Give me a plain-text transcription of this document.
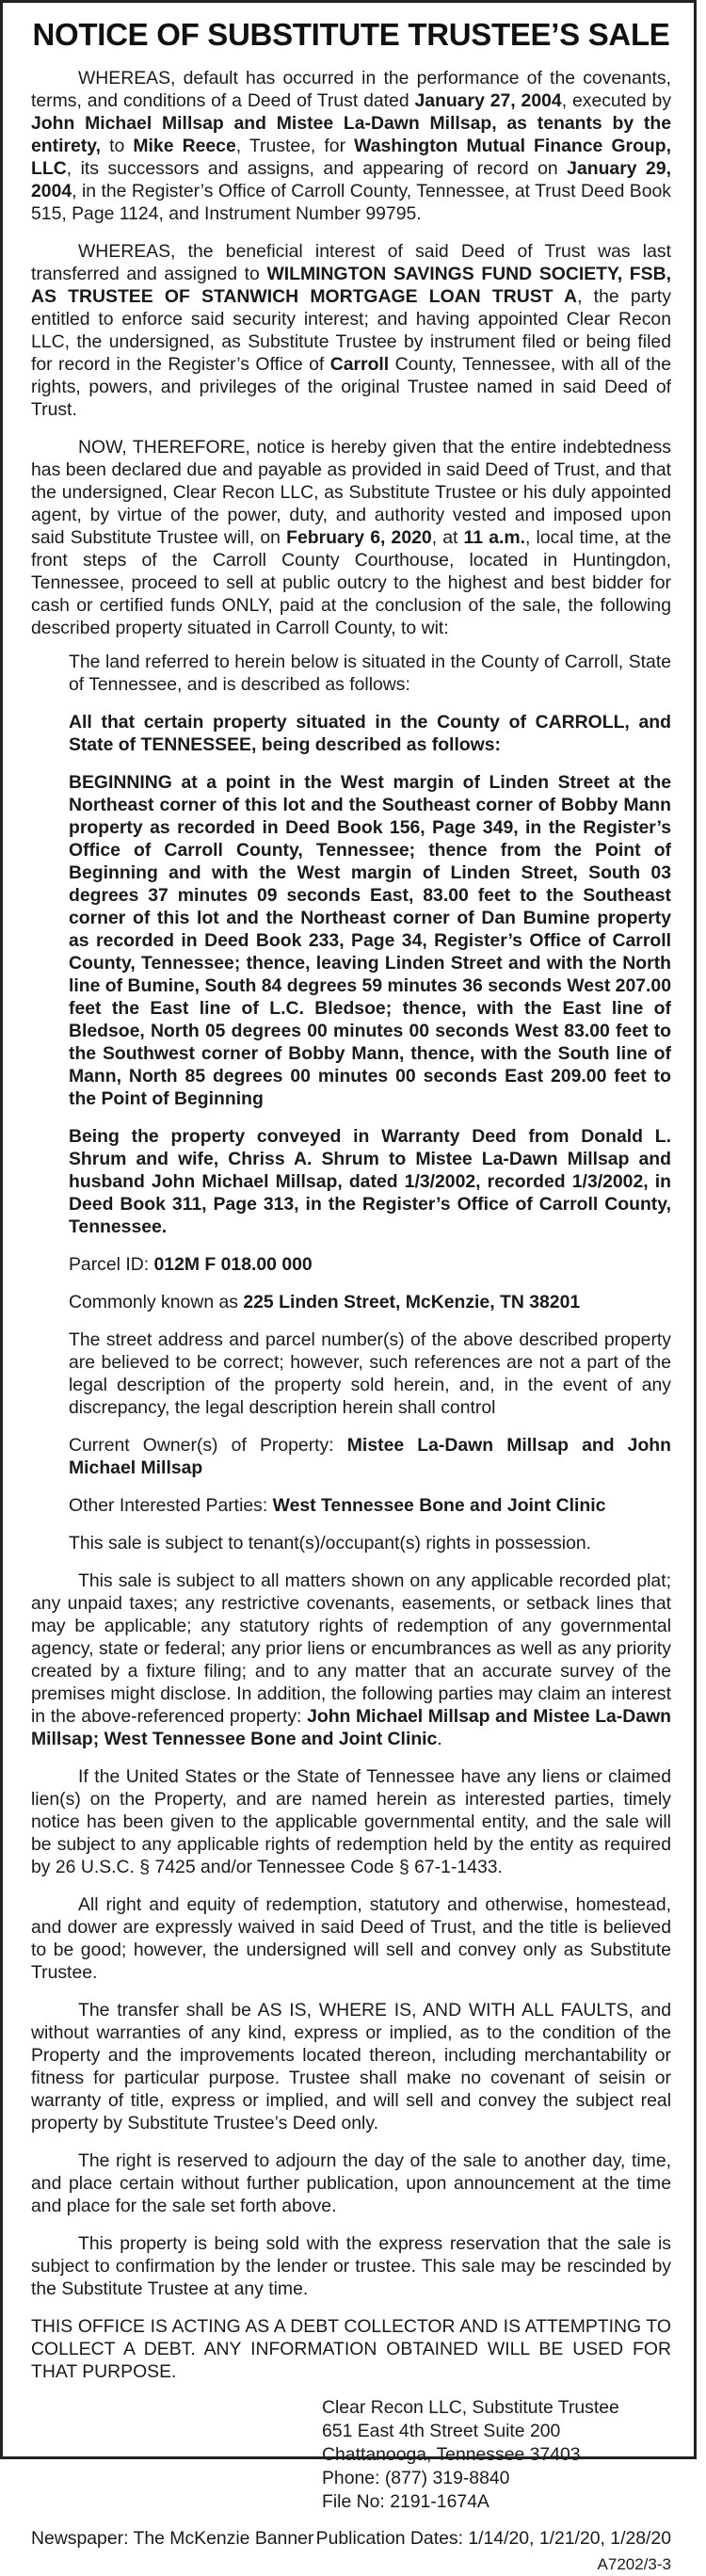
NOTICE OF SUBSTITUTE TRUSTEE’S SALE

WHEREAS, default has occurred in the performance of the covenants, terms, and conditions of a Deed of Trust dated January 27, 2004, executed by John Michael Millsap and Mistee La-Dawn Millsap, as tenants by the entirety, to Mike Reece, Trustee, for Washington Mutual Finance Group, LLC, its successors and assigns, and appearing of record on January 29, 2004, in the Register’s Office of Carroll County, Tennessee, at Trust Deed Book 515, Page 1124, and Instrument Number 99795.

WHEREAS, the beneficial interest of said Deed of Trust was last transferred and assigned to WILMINGTON SAVINGS FUND SOCIETY, FSB, AS TRUSTEE OF STANWICH MORTGAGE LOAN TRUST A, the party entitled to enforce said security interest; and having appointed Clear Recon LLC, the undersigned, as Substitute Trustee by instrument filed or being filed for record in the Register’s Office of Carroll County, Tennessee, with all of the rights, powers, and privileges of the original Trustee named in said Deed of Trust.

NOW, THEREFORE, notice is hereby given that the entire indebtedness has been declared due and payable as provided in said Deed of Trust, and that the undersigned, Clear Recon LLC, as Substitute Trustee or his duly appointed agent, by virtue of the power, duty, and authority vested and imposed upon said Substitute Trustee will, on February 6, 2020, at 11 a.m., local time, at the front steps of the Carroll County Courthouse, located in Huntingdon, Tennessee, proceed to sell at public outcry to the highest and best bidder for cash or certified funds ONLY, paid at the conclusion of the sale, the following described property situated in Carroll County, to wit:

The land referred to herein below is situated in the County of Carroll, State of Tennessee, and is described as follows:

All that certain property situated in the County of CARROLL, and State of TENNESSEE, being described as follows:

BEGINNING at a point in the West margin of Linden Street at the Northeast corner of this lot and the Southeast corner of Bobby Mann property as recorded in Deed Book 156, Page 349, in the Register’s Office of Carroll County, Tennessee; thence from the Point of Beginning and with the West margin of Linden Street, South 03 degrees 37 minutes 09 seconds East, 83.00 feet to the Southeast corner of this lot and the Northeast corner of Dan Bumine property as recorded in Deed Book 233, Page 34, Register’s Office of Carroll County, Tennessee; thence, leaving Linden Street and with the North line of Bumine, South 84 degrees 59 minutes 36 seconds West 207.00 feet the East line of L.C. Bledsoe; thence, with the East line of Bledsoe, North 05 degrees 00 minutes 00 seconds West 83.00 feet to the Southwest corner of Bobby Mann, thence, with the South line of Mann, North 85 degrees 00 minutes 00 seconds East 209.00 feet to the Point of Beginning

Being the property conveyed in Warranty Deed from Donald L. Shrum and wife, Chriss A. Shrum to Mistee La-Dawn Millsap and husband John Michael Millsap, dated 1/3/2002, recorded 1/3/2002, in Deed Book 311, Page 313, in the Register’s Office of Carroll County, Tennessee.

Parcel ID: 012M F 018.00 000

Commonly known as 225 Linden Street, McKenzie, TN 38201

The street address and parcel number(s) of the above described property are believed to be correct; however, such references are not a part of the legal description of the property sold herein, and, in the event of any discrepancy, the legal description herein shall control

Current Owner(s) of Property: Mistee La-Dawn Millsap and John Michael Millsap

Other Interested Parties: West Tennessee Bone and Joint Clinic

This sale is subject to tenant(s)/occupant(s) rights in possession.

This sale is subject to all matters shown on any applicable recorded plat; any unpaid taxes; any restrictive covenants, easements, or setback lines that may be applicable; any statutory rights of redemption of any governmental agency, state or federal; any prior liens or encumbrances as well as any priority created by a fixture filing; and to any matter that an accurate survey of the premises might disclose. In addition, the following parties may claim an interest in the above-referenced property: John Michael Millsap and Mistee La-Dawn Millsap; West Tennessee Bone and Joint Clinic.

If the United States or the State of Tennessee have any liens or claimed lien(s) on the Property, and are named herein as interested parties, timely notice has been given to the applicable governmental entity, and the sale will be subject to any applicable rights of redemption held by the entity as required by 26 U.S.C. § 7425 and/or Tennessee Code § 67-1-1433.

All right and equity of redemption, statutory and otherwise, homestead, and dower are expressly waived in said Deed of Trust, and the title is believed to be good; however, the undersigned will sell and convey only as Substitute Trustee.

The transfer shall be AS IS, WHERE IS, AND WITH ALL FAULTS, and without warranties of any kind, express or implied, as to the condition of the Property and the improvements located thereon, including merchantability or fitness for particular purpose. Trustee shall make no covenant of seisin or warranty of title, express or implied, and will sell and convey the subject real property by Substitute Trustee’s Deed only.

The right is reserved to adjourn the day of the sale to another day, time, and place certain without further publication, upon announcement at the time and place for the sale set forth above.

This property is being sold with the express reservation that the sale is subject to confirmation by the lender or trustee. This sale may be rescinded by the Substitute Trustee at any time.

THIS OFFICE IS ACTING AS A DEBT COLLECTOR AND IS ATTEMPTING TO COLLECT A DEBT. ANY INFORMATION OBTAINED WILL BE USED FOR THAT PURPOSE.

Clear Recon LLC, Substitute Trustee
651 East 4th Street Suite 200
Chattanooga, Tennessee 37403
Phone: (877) 319-8840
File No: 2191-1674A
Newspaper: The McKenzie Banner Publication Dates: 1/14/20, 1/21/20, 1/28/20
A7202/3-3
